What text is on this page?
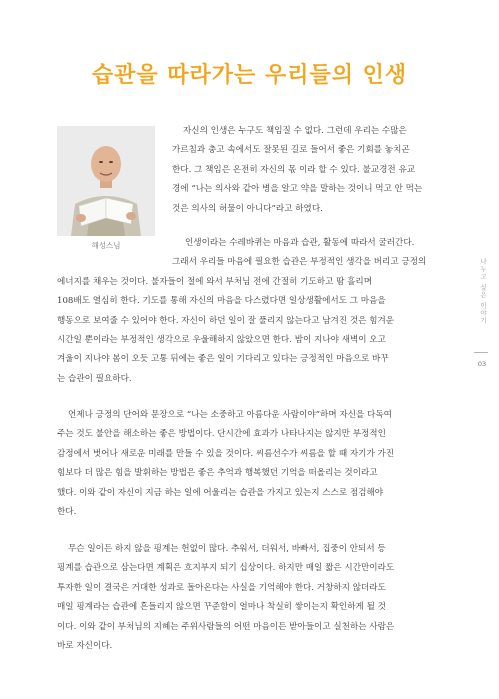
습관을 따라가는 우리들의 인생
해성스님
자신의 인생은 누구도 책임질 수 없다. 그런데 우리는 수많은
가르침과 충고 속에서도 잘못된 길로 들어서 좋은 기회를 놓치곤
한다. 그 책임은 온전히 자신의 몫 이라 할 수 있다. 불교경전 유교
경에 “나는 의사와 같아 병을 알고 약을 말하는 것이니 먹고 안 먹는
것은 의사의 허물이 아니다”라고 하였다.
인생이라는 수레바퀴는 마음과 습관, 활동에 따라서 굴러간다.
그래서 우리들 마음에 필요한 습관은 부정적인 생각을 버리고 긍정의
에너지를 채우는 것이다. 불자들이 절에 와서 부처님 전에 간절히 기도하고 땀 흘리며
108배도 열심히 한다. 기도를 통해 자신의 마음을 다스렸다면 일상생활에서도 그 마음을
행동으로 보여줄 수 있어야 한다. 자신이 하던 일이 잘 풀리지 않는다고 남겨진 것은 힘겨운
시간일 뿐이라는 부정적인 생각으로 우울해하지 않았으면 한다. 밤이 지나야 새벽이 오고
겨울이 지나야 봄이 오듯 고통 뒤에는 좋은 일이 기다리고 있다는 긍정적인 마음으로 바꾸
는 습관이 필요하다.
언제나 긍정의 단어와 문장으로 “나는 소중하고 아름다운 사람이야”하며 자신을 다독여
주는 것도 불안을 해소하는 좋은 방법이다. 단시간에 효과가 나타나지는 않지만 부정적인
감정에서 벗어나 새로운 미래를 만들 수 있을 것이다. 씨름선수가 씨름을 할 때 자기가 가진
힘보다 더 많은 힘을 발휘하는 방법은 좋은 추억과 행복했던 기억을 떠올리는 것이라고
했다. 이와 같이 자신이 지금 하는 일에 어울리는 습관을 가지고 있는지 스스로 점검해야
한다.
무슨 일이든 하지 않을 핑계는 헌없이 많다. 추워서, 더워서, 바빠서, 집중이 안되서 등
핑계를 습관으로 삼는다면 계획은 흐지부지 되기 십상이다. 하지만 매일 짧은 시간만이라도
투자한 일이 결국은 거대한 성과로 돌아온다는 사실을 기억해야 한다. 거창하지 않더라도
매일 핑계라는 습관에 흔들리지 않으면 꾸준함이 얼마나 착실히 쌓이는지 확인하게 될 것
이다. 이와 같이 부처님의 지혜는 주위사람들의 어떤 마음이든 받아들이고 실천하는 사람은
바로 자신이다.
나누고 싶은 이야기
03
